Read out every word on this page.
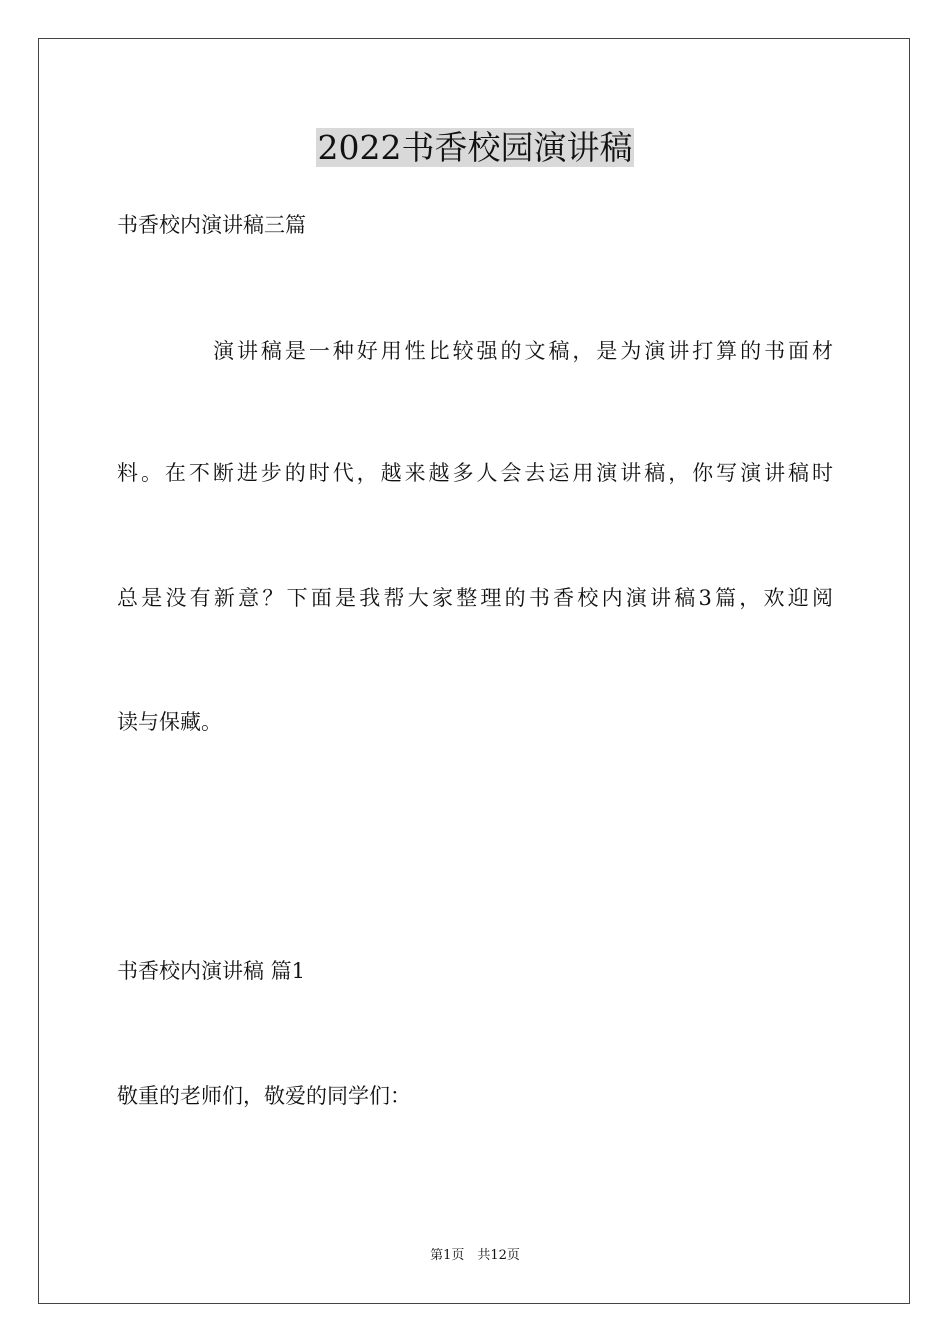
2022书香校园演讲稿

书香校内演讲稿三篇

演讲稿是一种好用性比较强的文稿，是为演讲打算的书面材

料。在不断进步的时代，越来越多人会去运用演讲稿，你写演讲稿时

总是没有新意？下面是我帮大家整理的书香校内演讲稿3篇，欢迎阅

读与保藏。

书香校内演讲稿 篇1

敬重的老师们，敬爱的同学们：

第1页　共12页
